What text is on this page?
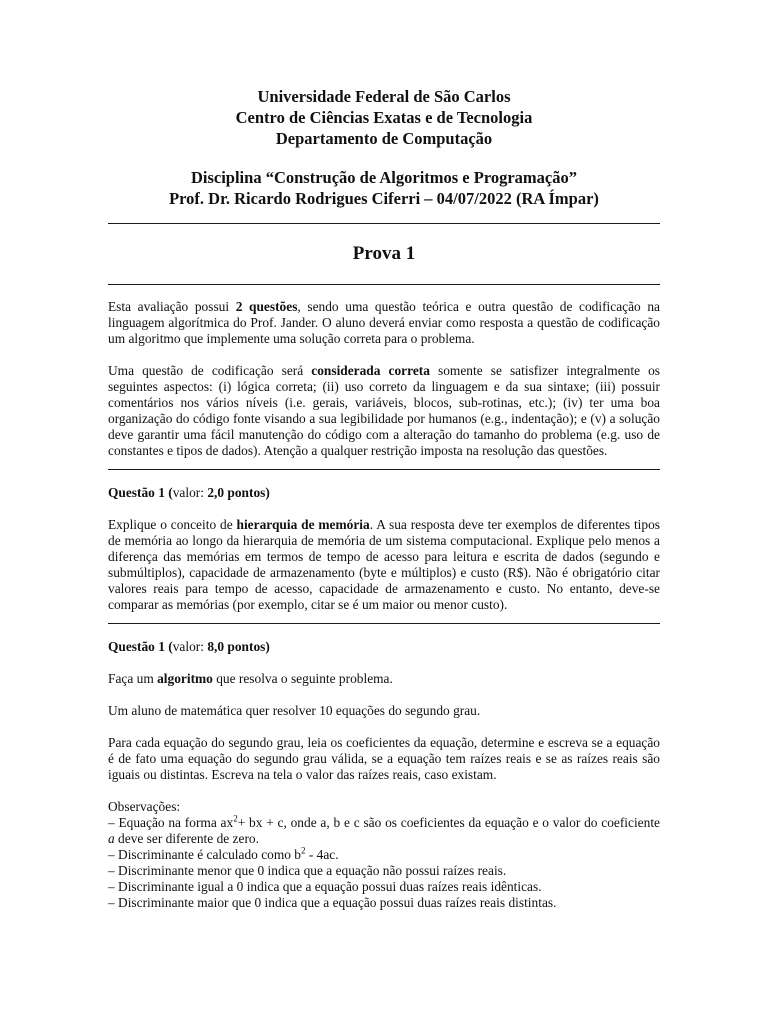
Universidade Federal de São Carlos
Centro de Ciências Exatas e de Tecnologia
Departamento de Computação
Disciplina “Construção de Algoritmos e Programação”
Prof. Dr. Ricardo Rodrigues Ciferri – 04/07/2022 (RA Ímpar)
Prova 1

Esta avaliação possui 2 questões, sendo uma questão teórica e outra questão de codificação na linguagem algorítmica do Prof. Jander. O aluno deverá enviar como resposta a questão de codificação um algoritmo que implemente uma solução correta para o problema.

Uma questão de codificação será considerada correta somente se satisfizer integralmente os seguintes aspectos: (i) lógica correta; (ii) uso correto da linguagem e da sua sintaxe; (iii) possuir comentários nos vários níveis (i.e. gerais, variáveis, blocos, sub-rotinas, etc.); (iv) ter uma boa organização do código fonte visando a sua legibilidade por humanos (e.g., indentação); e (v) a solução deve garantir uma fácil manutenção do código com a alteração do tamanho do problema (e.g. uso de constantes e tipos de dados). Atenção a qualquer restrição imposta na resolução das questões.

Questão 1 (valor: 2,0 pontos)

Explique o conceito de hierarquia de memória. A sua resposta deve ter exemplos de diferentes tipos de memória ao longo da hierarquia de memória de um sistema computacional. Explique pelo menos a diferença das memórias em termos de tempo de acesso para leitura e escrita de dados (segundo e submúltiplos), capacidade de armazenamento (byte e múltiplos) e custo (R$). Não é obrigatório citar valores reais para tempo de acesso, capacidade de armazenamento e custo. No entanto, deve-se comparar as memórias (por exemplo, citar se é um maior ou menor custo).

Questão 1 (valor: 8,0 pontos)

Faça um algoritmo que resolva o seguinte problema.

Um aluno de matemática quer resolver 10 equações do segundo grau.

Para cada equação do segundo grau, leia os coeficientes da equação, determine e escreva se a equação é de fato uma equação do segundo grau válida, se a equação tem raízes reais e se as raízes reais são iguais ou distintas. Escreva na tela o valor das raízes reais, caso existam.

Observações:
– Equação na forma $ax^2+$ bx + c, onde a, b e c são os coeficientes da equação e o valor do coeficiente a deve ser diferente de zero.
– Discriminante é calculado como $b^2 - 4ac$.
– Discriminante menor que 0 indica que a equação não possui raízes reais.
– Discriminante igual a 0 indica que a equação possui duas raízes reais idênticas.
– Discriminante maior que 0 indica que a equação possui duas raízes reais distintas.
